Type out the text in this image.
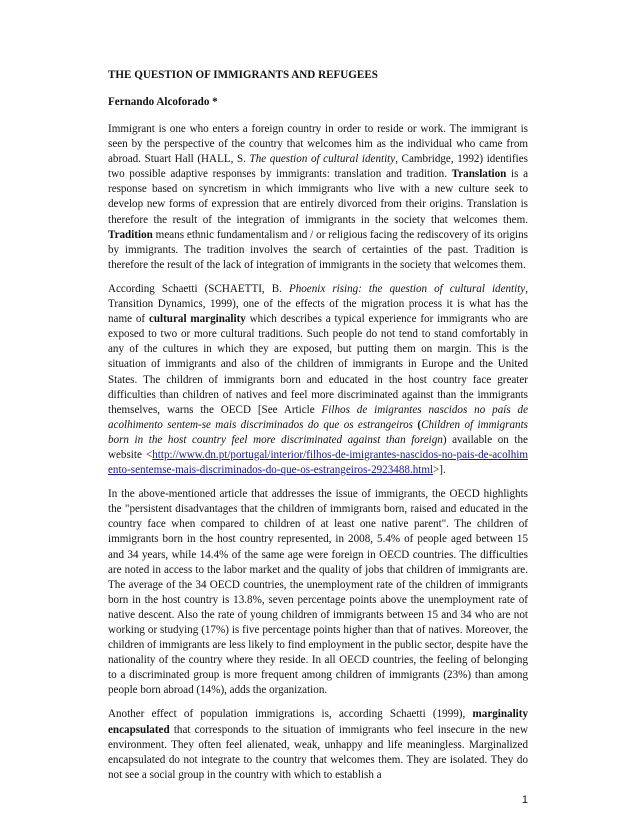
THE QUESTION OF IMMIGRANTS AND REFUGEES
Fernando Alcoforado *

Immigrant is one who enters a foreign country in order to reside or work. The immigrant is seen by the perspective of the country that welcomes him as the individual who came from abroad. Stuart Hall (HALL, S. The question of cultural identity, Cambridge, 1992) identifies two possible adaptive responses by immigrants: translation and tradition. Translation is a response based on syncretism in which immigrants who live with a new culture seek to develop new forms of expression that are entirely divorced from their origins. Translation is therefore the result of the integration of immigrants in the society that welcomes them. Tradition means ethnic fundamentalism and / or religious facing the rediscovery of its origins by immigrants. The tradition involves the search of certainties of the past. Tradition is therefore the result of the lack of integration of immigrants in the society that welcomes them.

According Schaetti (SCHAETTI, B. Phoenix rising: the question of cultural identity, Transition Dynamics, 1999), one of the effects of the migration process it is what has the name of cultural marginality which describes a typical experience for immigrants who are exposed to two or more cultural traditions. Such people do not tend to stand comfortably in any of the cultures in which they are exposed, but putting them on margin. This is the situation of immigrants and also of the children of immigrants in Europe and the United States. The children of immigrants born and educated in the host country face greater difficulties than children of natives and feel more discriminated against than the immigrants themselves, warns the OECD [See Article Filhos de imigrantes nascidos no país de acolhimento sentem-se mais discriminados do que os estrangeiros (Children of immigrants born in the host country feel more discriminated against than foreign) available on the website <http://www.dn.pt/portugal/interior/filhos-de-imigrantes-nascidos-no-pais-de-acolhimento-sentemse-mais-discriminados-do-que-os-estrangeiros-2923488.html>].

In the above-mentioned article that addresses the issue of immigrants, the OECD highlights the "persistent disadvantages that the children of immigrants born, raised and educated in the country face when compared to children of at least one native parent". The children of immigrants born in the host country represented, in 2008, 5.4% of people aged between 15 and 34 years, while 14.4% of the same age were foreign in OECD countries. The difficulties are noted in access to the labor market and the quality of jobs that children of immigrants are. The average of the 34 OECD countries, the unemployment rate of the children of immigrants born in the host country is 13.8%, seven percentage points above the unemployment rate of native descent. Also the rate of young children of immigrants between 15 and 34 who are not working or studying (17%) is five percentage points higher than that of natives. Moreover, the children of immigrants are less likely to find employment in the public sector, despite have the nationality of the country where they reside. In all OECD countries, the feeling of belonging to a discriminated group is more frequent among children of immigrants (23%) than among people born abroad (14%), adds the organization.

Another effect of population immigrations is, according Schaetti (1999), marginality encapsulated that corresponds to the situation of immigrants who feel insecure in the new environment. They often feel alienated, weak, unhappy and life meaningless. Marginalized encapsulated do not integrate to the country that welcomes them. They are isolated. They do not see a social group in the country with which to establish a

1
